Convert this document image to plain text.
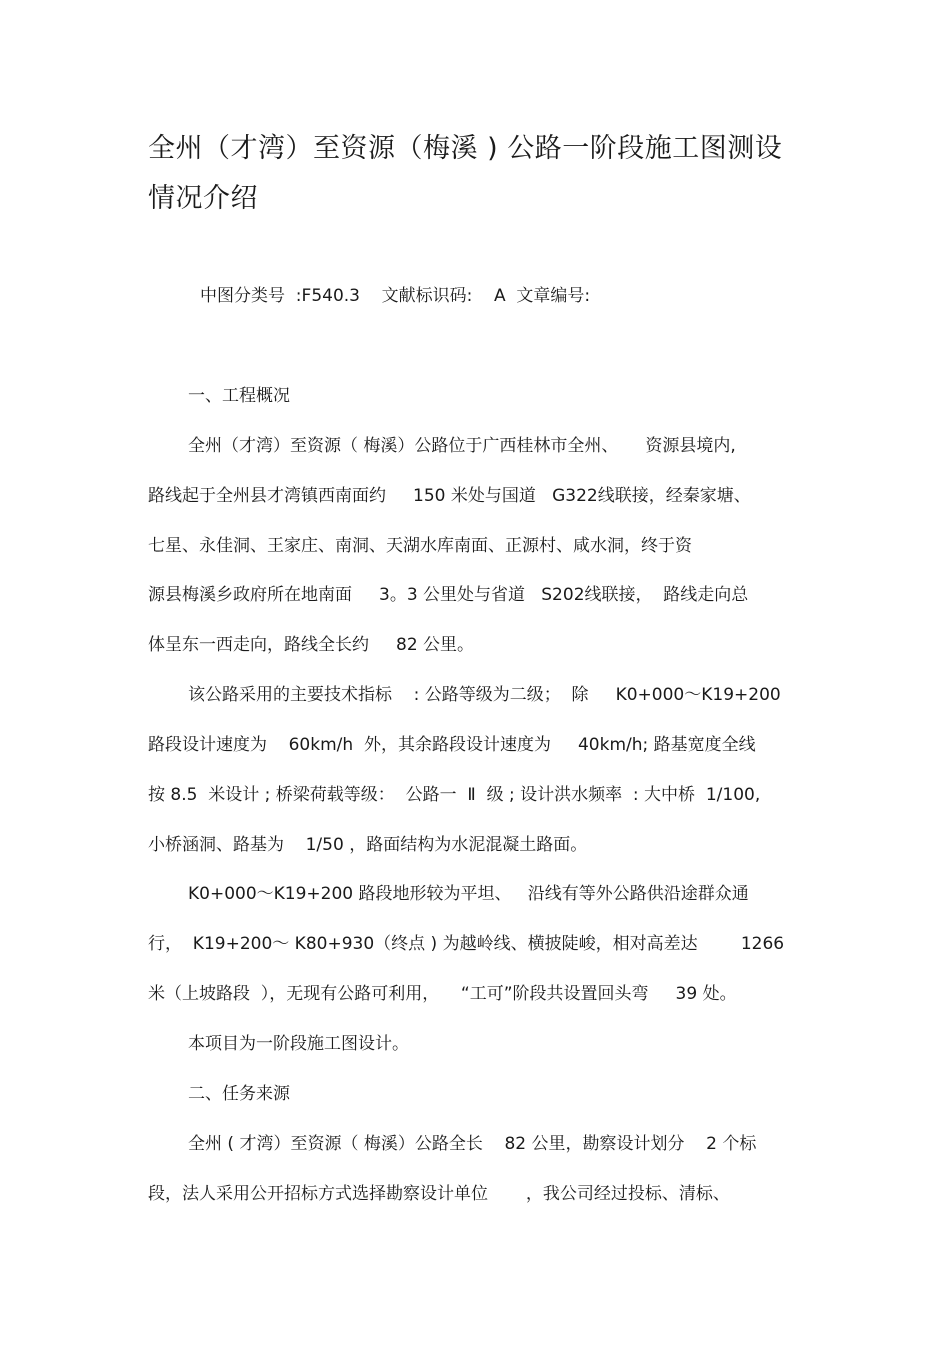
全州（才湾）至资源（梅溪 ) 公路一阶段施工图测设
情况介绍
中图分类号  :F540.3    文献标识码:    A  文章编号:
一、工程概况
全州（才湾）至资源（ 梅溪）公路位于广西桂林市全州、     资源县境内,
路线起于全州县才湾镇西南面约     150 米处与国道   G322线联接，经秦家塘、
七星、永佳洞、王家庄、南洞、天湖水库南面、正源村、咸水洞，终于资
源县梅溪乡政府所在地南面     3。3 公里处与省道   S202线联接，  路线走向总
体呈东一西走向，路线全长约     82 公里。
该公路采用的主要技术指标    : 公路等级为二级；  除     K0+000～K19+200
路段设计速度为    60km/h  外，其余路段设计速度为     40km/h; 路基宽度全线
按 8.5  米设计 ; 桥梁荷载等级：  公路一  Ⅱ  级 ; 设计洪水频率  : 大中桥  1/100,
小桥涵洞、路基为    1/50 ，路面结构为水泥混凝土路面。
K0+000～K19+200 路段地形较为平坦、   沿线有等外公路供沿途群众通
行，  K19+200～ K80+930（终点 ) 为越岭线、横披陡峻，相对高差达        1266
米（上坡路段  ），无现有公路可利用，    “工可”阶段共设置回头弯     39 处。
本项目为一阶段施工图设计。
二、任务来源
全州 ( 才湾）至资源（ 梅溪）公路全长    82 公里，勘察设计划分    2 个标
段，法人采用公开招标方式选择勘察设计单位       ，我公司经过投标、清标、
